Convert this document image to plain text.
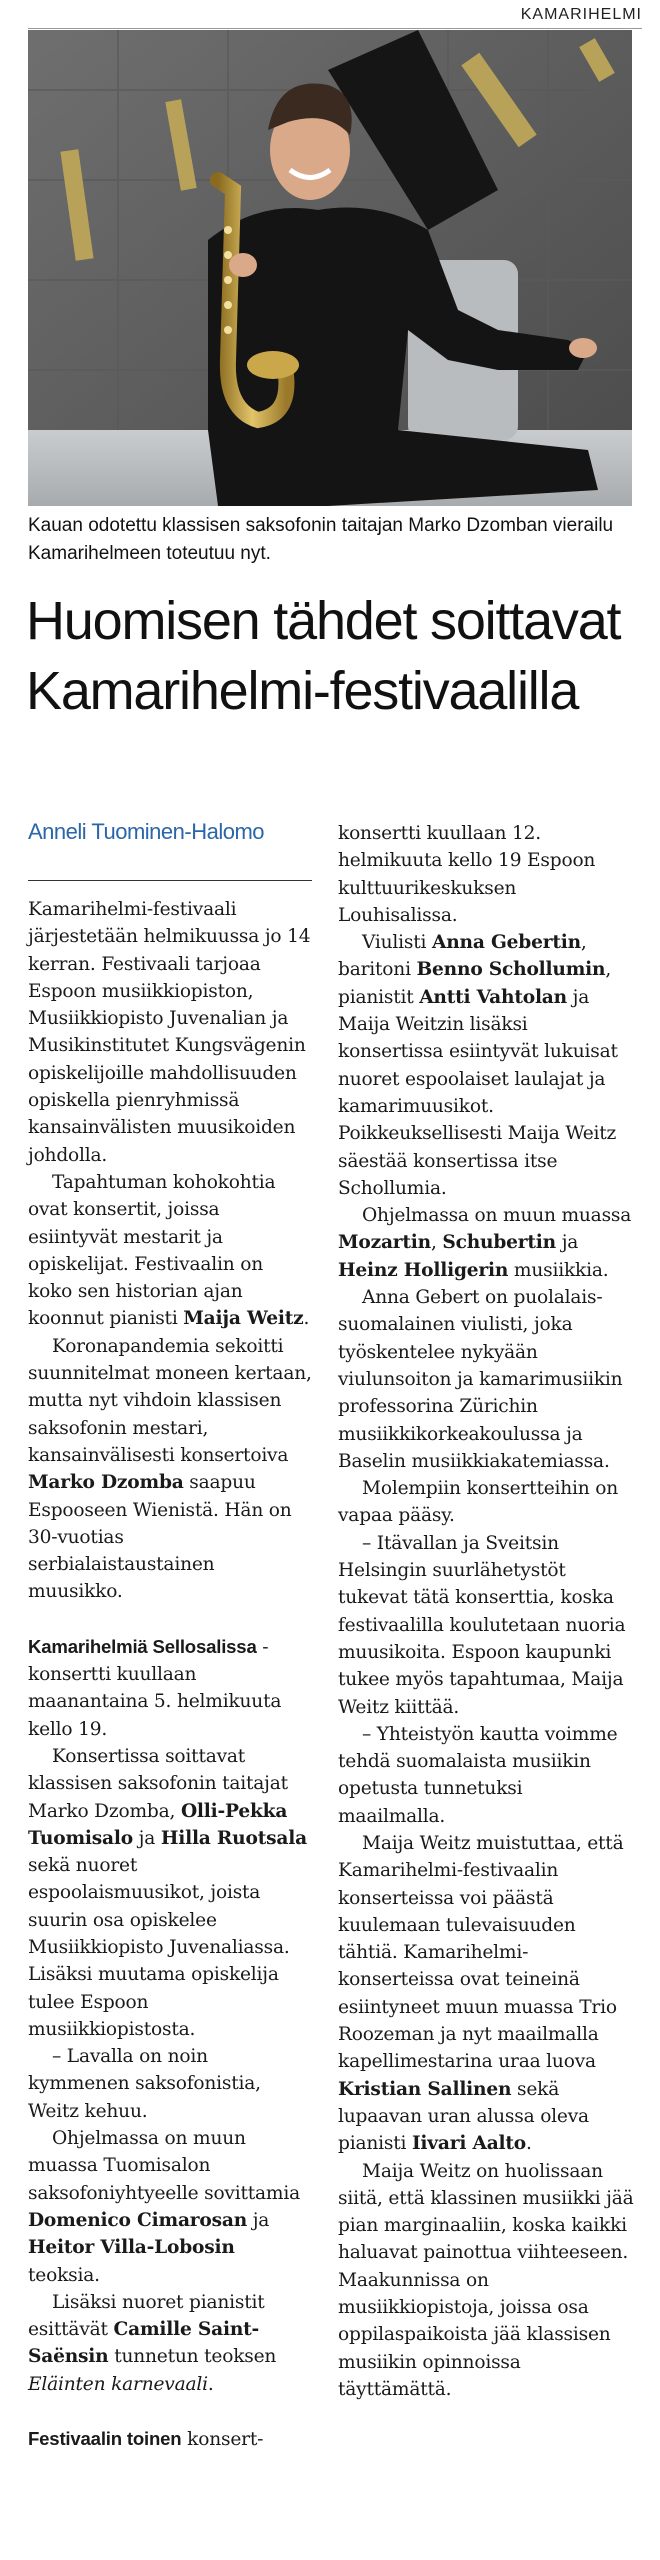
KAMARIHELMI
Kauan odotettu klassisen saksofonin taitajan Marko Dzomban vierailu Kamarihelmeen toteutuu nyt.
Huomisen tähdet soittavat Kamarihelmi-festivaalilla
Anneli Tuominen-Halomo

Kamarihelmi-festivaali järjestetään helmikuussa jo 14 kerran. Festivaali tarjoaa Espoon musiikkiopiston, Musiikkiopisto Juvenalian ja Musikinstitutet Kungsvägenin opiskelijoille mahdollisuuden opiskella pienryhmissä kansainvälisten muusikoiden johdolla.

Tapahtuman kohokohtia ovat konsertit, joissa esiintyvät mestarit ja opiskelijat. Festivaalin on koko sen historian ajan koonnut pianisti Maija Weitz.

Koronapandemia sekoitti suunnitelmat moneen kertaan, mutta nyt vihdoin klassisen saksofonin mestari, kansainvälisesti konsertoiva Marko Dzomba saapuu Espooseen Wienistä. Hän on 30-vuotias serbialaistaustainen muusikko.

Kamarihelmiä Sellosalissa -konsertti kuullaan maanantaina 5. helmikuuta kello 19.

Konsertissa soittavat klassisen saksofonin taitajat Marko Dzomba, Olli-Pekka Tuomisalo ja Hilla Ruotsala sekä nuoret espoolaismuusikot, joista suurin osa opiskelee Musiikkiopisto Juvenaliassa. Lisäksi muutama opiskelija tulee Espoon musiikkiopistosta.

– Lavalla on noin kymmenen saksofonistia, Weitz kehuu.

Ohjelmassa on muun muassa Tuomisalon saksofoniyhtyeelle sovittamia Domenico Cimarosan ja Heitor Villa-Lobosin teoksia.

Lisäksi nuoret pianistit esittävät Camille Saint-Saënsin tunnetun teoksen Eläinten karnevaali.

Festivaalin toinen konsert-

konsertti kuullaan 12. helmikuuta kello 19 Espoon kulttuurikeskuksen Louhisalissa.

Viulisti Anna Gebertin, baritoni Benno Schollumin, pianistit Antti Vahtolan ja Maija Weitzin lisäksi konsertissa esiintyvät lukuisat nuoret espoolaiset laulajat ja kamarimuusikot. Poikkeuksellisesti Maija Weitz säestää konsertissa itse Schollumia.

Ohjelmassa on muun muassa Mozartin, Schubertin ja Heinz Holligerin musiikkia.

Anna Gebert on puolalais-suomalainen viulisti, joka työskentelee nykyään viulunsoiton ja kamarimusiikin professorina Zürichin musiikkikorkeakoulussa ja Baselin musiikkiakatemiassa.

Molempiin konsertteihin on vapaa pääsy.

– Itävallan ja Sveitsin Helsingin suurlähetystöt tukevat tätä konserttia, koska festivaalilla koulutetaan nuoria muusikoita. Espoon kaupunki tukee myös tapahtumaa, Maija Weitz kiittää.

– Yhteistyön kautta voimme tehdä suomalaista musiikin opetusta tunnetuksi maailmalla.

Maija Weitz muistuttaa, että Kamarihelmi-festivaalin konserteissa voi päästä kuulemaan tulevaisuuden tähtiä. Kamarihelmi-konserteissa ovat teineinä esiintyneet muun muassa Trio Roozeman ja nyt maailmalla kapellimestarina uraa luova Kristian Sallinen sekä lupaavan uran alussa oleva pianisti Iivari Aalto.

Maija Weitz on huolissaan siitä, että klassinen musiikki jää pian marginaaliin, koska kaikki haluavat painottua viihteeseen. Maakunnissa on musiikkiopistoja, joissa osa oppilaspaikoista jää klassisen musiikin opinnoissa täyttämättä.
